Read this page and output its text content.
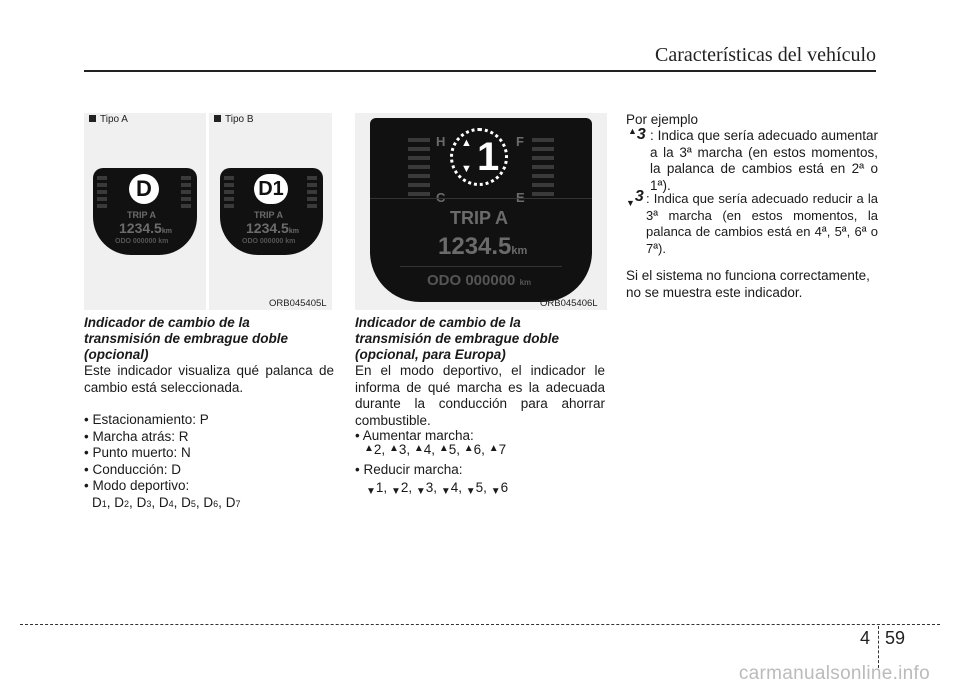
Características del vehículo
Tipo A	Tipo B
D
TRIP A
1234.5km
ODO 000000 km
D1
TRIP A
1234.5km
ODO 000000 km
ORB045405L
H	F
▲
▼ 1
TRIP A
1234.5km
ODO 000000 km
ORB045406L
Indicador de cambio de la transmisión de embrague doble (opcional)
Este indicador visualiza qué palanca de cambio está seleccionada.
• Estacionamiento: P
• Marcha atrás: R
• Punto muerto: N
• Conducción: D
• Modo deportivo:
D1, D2, D3, D4, D5, D6, D7
Indicador de cambio de la transmisión de embrague doble (opcional, para Europa)
En el modo deportivo, el indicador le informa de qué marcha es la adecuada durante la conducción para ahorrar combustible.
• Aumentar marcha:
▲2, ▲3, ▲4, ▲5, ▲6, ▲7
• Reducir marcha:
▼1, ▼2, ▼3, ▼4, ▼5, ▼6
Por ejemplo
▲3 : Indica que sería adecuado aumentar a la 3ª marcha (en estos momentos, la palanca de cambios está en 2ª o 1ª).
▼3 : Indica que sería adecuado reducir a la 3ª marcha (en estos momentos, la palanca de cambios está en 4ª, 5ª, 6ª o 7ª).
Si el sistema no funciona correctamente, no se muestra este indicador.
4 59
carmanualsonline.info
